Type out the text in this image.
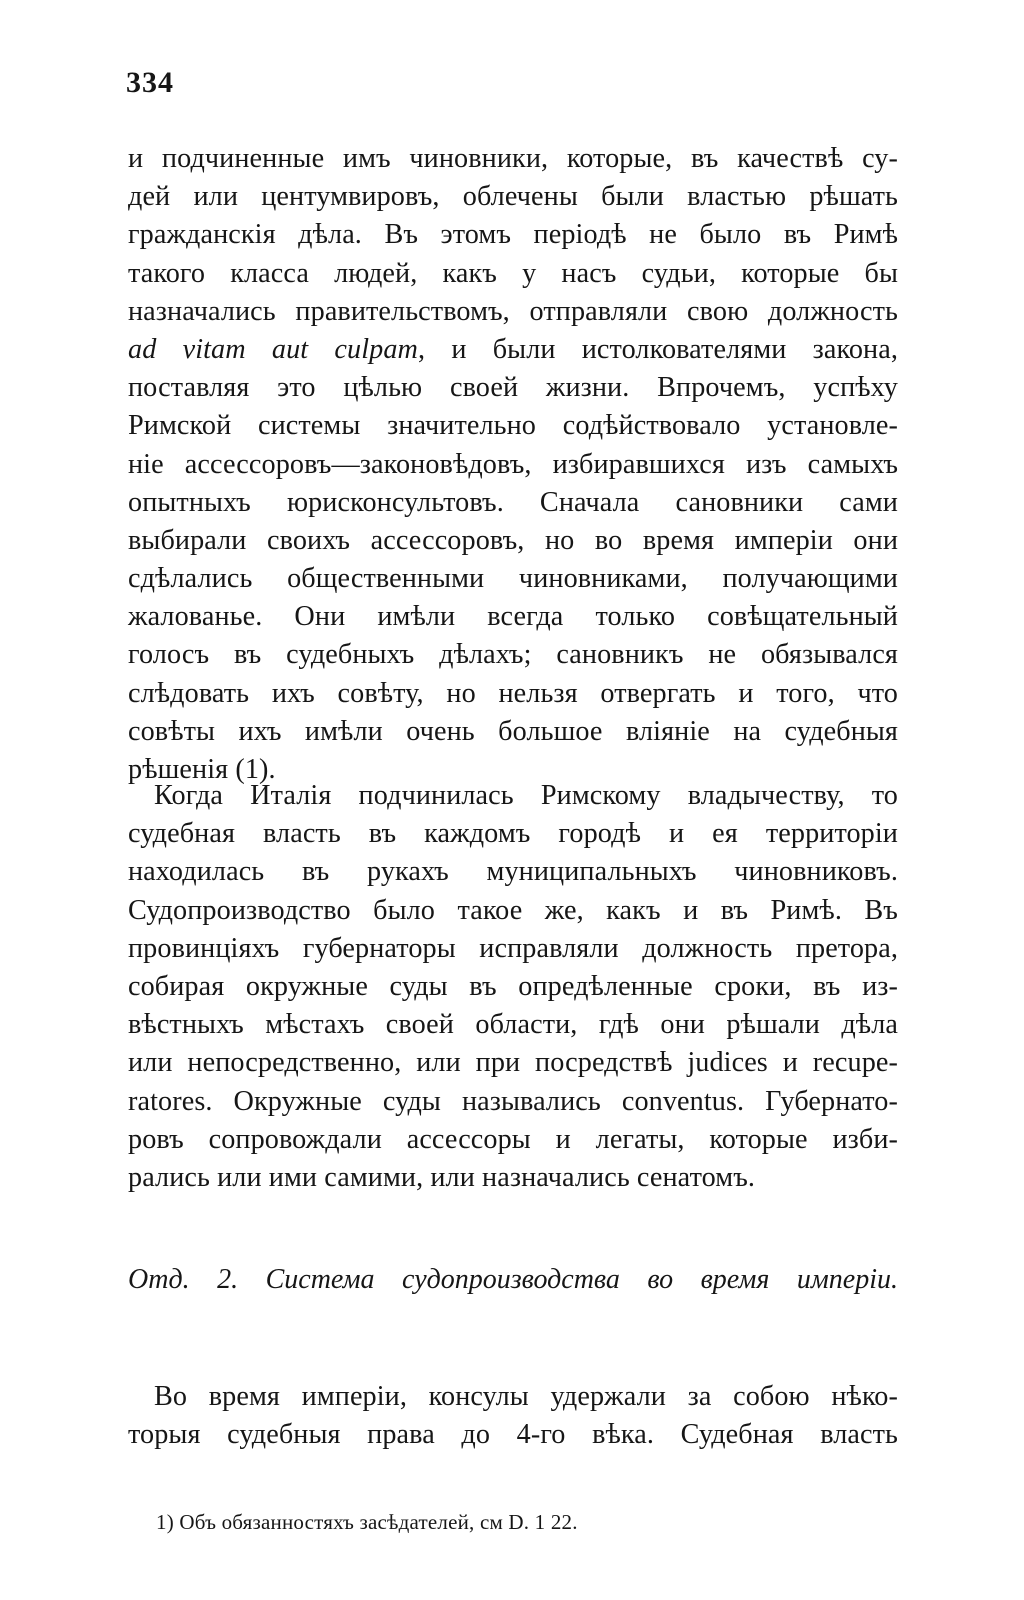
334
и подчиненные имъ чиновники, которые, въ качествѣ су-
дей или центумвировъ, облечены были властью рѣшать
гражданскія дѣла. Въ этомъ періодѣ не было въ Римѣ
такого класса людей, какъ у насъ судьи, которые бы
назначались правительствомъ, отправляли свою должность
ad vitam aut culpam, и были истолкователями закона,
поставляя это цѣлью своей жизни. Впрочемъ, успѣху
Римской системы значительно содѣйствовало установле-
ніе ассессоровъ—законовѣдовъ, избиравшихся изъ самыхъ
опытныхъ юрисконсультовъ. Сначала сановники сами
выбирали своихъ ассессоровъ, но во время имперіи они
сдѣлались общественными чиновниками, получающими
жалованье. Они имѣли всегда только совѣщательный
голосъ въ судебныхъ дѣлахъ; сановникъ не обязывался
слѣдовать ихъ совѣту, но нельзя отвергать и того, что
совѣты ихъ имѣли очень большое вліяніе на судебныя
рѣшенія (1).
Когда Италія подчинилась Римскому владычеству, то
судебная власть въ каждомъ городѣ и ея территоріи
находилась въ рукахъ муниципальныхъ чиновниковъ.
Судопроизводство было такое же, какъ и въ Римѣ. Въ
провинціяхъ губернаторы исправляли должность претора,
собирая окружные суды въ опредѣленные сроки, въ из-
вѣстныхъ мѣстахъ своей области, гдѣ они рѣшали дѣла
или непосредственно, или при посредствѣ judices и recupe-
ratores. Окружные суды назывались conventus. Губернато-
ровъ сопровождали ассессоры и легаты, которые изби-
рались или ими самими, или назначались сенатомъ.
Отд. 2. Система судопроизводства во время имперіи.
Во время имперіи, консулы удержали за собою нѣко-
торыя судебныя права до 4-го вѣка. Судебная власть
1) Объ обязанностяхъ засѣдателей, см D. 1 22.
